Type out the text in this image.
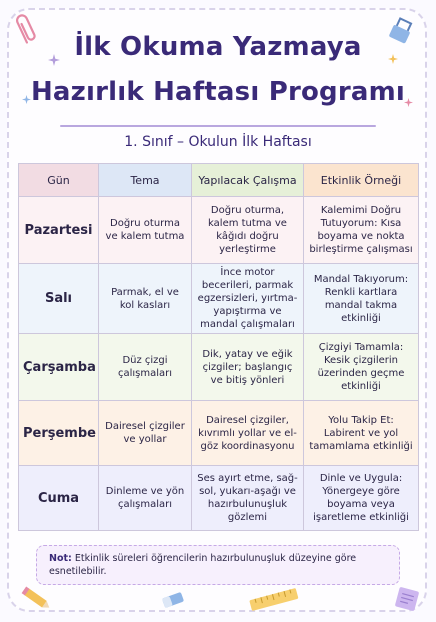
İlk Okuma Yazmaya
Hazırlık Haftası Programı
1. Sınıf – Okulun İlk Haftası
Gün	Tema	Yapılacak Çalışma	Etkinlik Örneği
Pazartesi	Doğru oturma ve kalem tutma	Doğru oturma, kalem tutma ve kâğıdı doğru yerleştirme	Kalemimi Doğru Tutuyorum: Kısa boyama ve nokta birleştirme çalışması
Salı	Parmak, el ve kol kasları	İnce motor becerileri, parmak egzersizleri, yırtma-yapıştırma ve mandal çalışmaları	Mandal Takıyorum: Renkli kartlara mandal takma etkinliği
Çarşamba	Düz çizgi çalışmaları	Dik, yatay ve eğik çizgiler; başlangıç ve bitiş yönleri	Çizgiyi Tamamla: Kesik çizgilerin üzerinden geçme etkinliği
Perşembe	Dairesel çizgiler ve yollar	Dairesel çizgiler, kıvrımlı yollar ve el-göz koordinasyonu	Yolu Takip Et: Labirent ve yol tamamlama etkinliği
Cuma	Dinleme ve yön çalışmaları	Ses ayırt etme, sağ-sol, yukarı-aşağı ve hazırbulunuşluk gözlemi	Dinle ve Uygula: Yönergeye göre boyama veya işaretleme etkinliği
Not: Etkinlik süreleri öğrencilerin hazırbulunuşluk düzeyine göre esnetilebilir.
